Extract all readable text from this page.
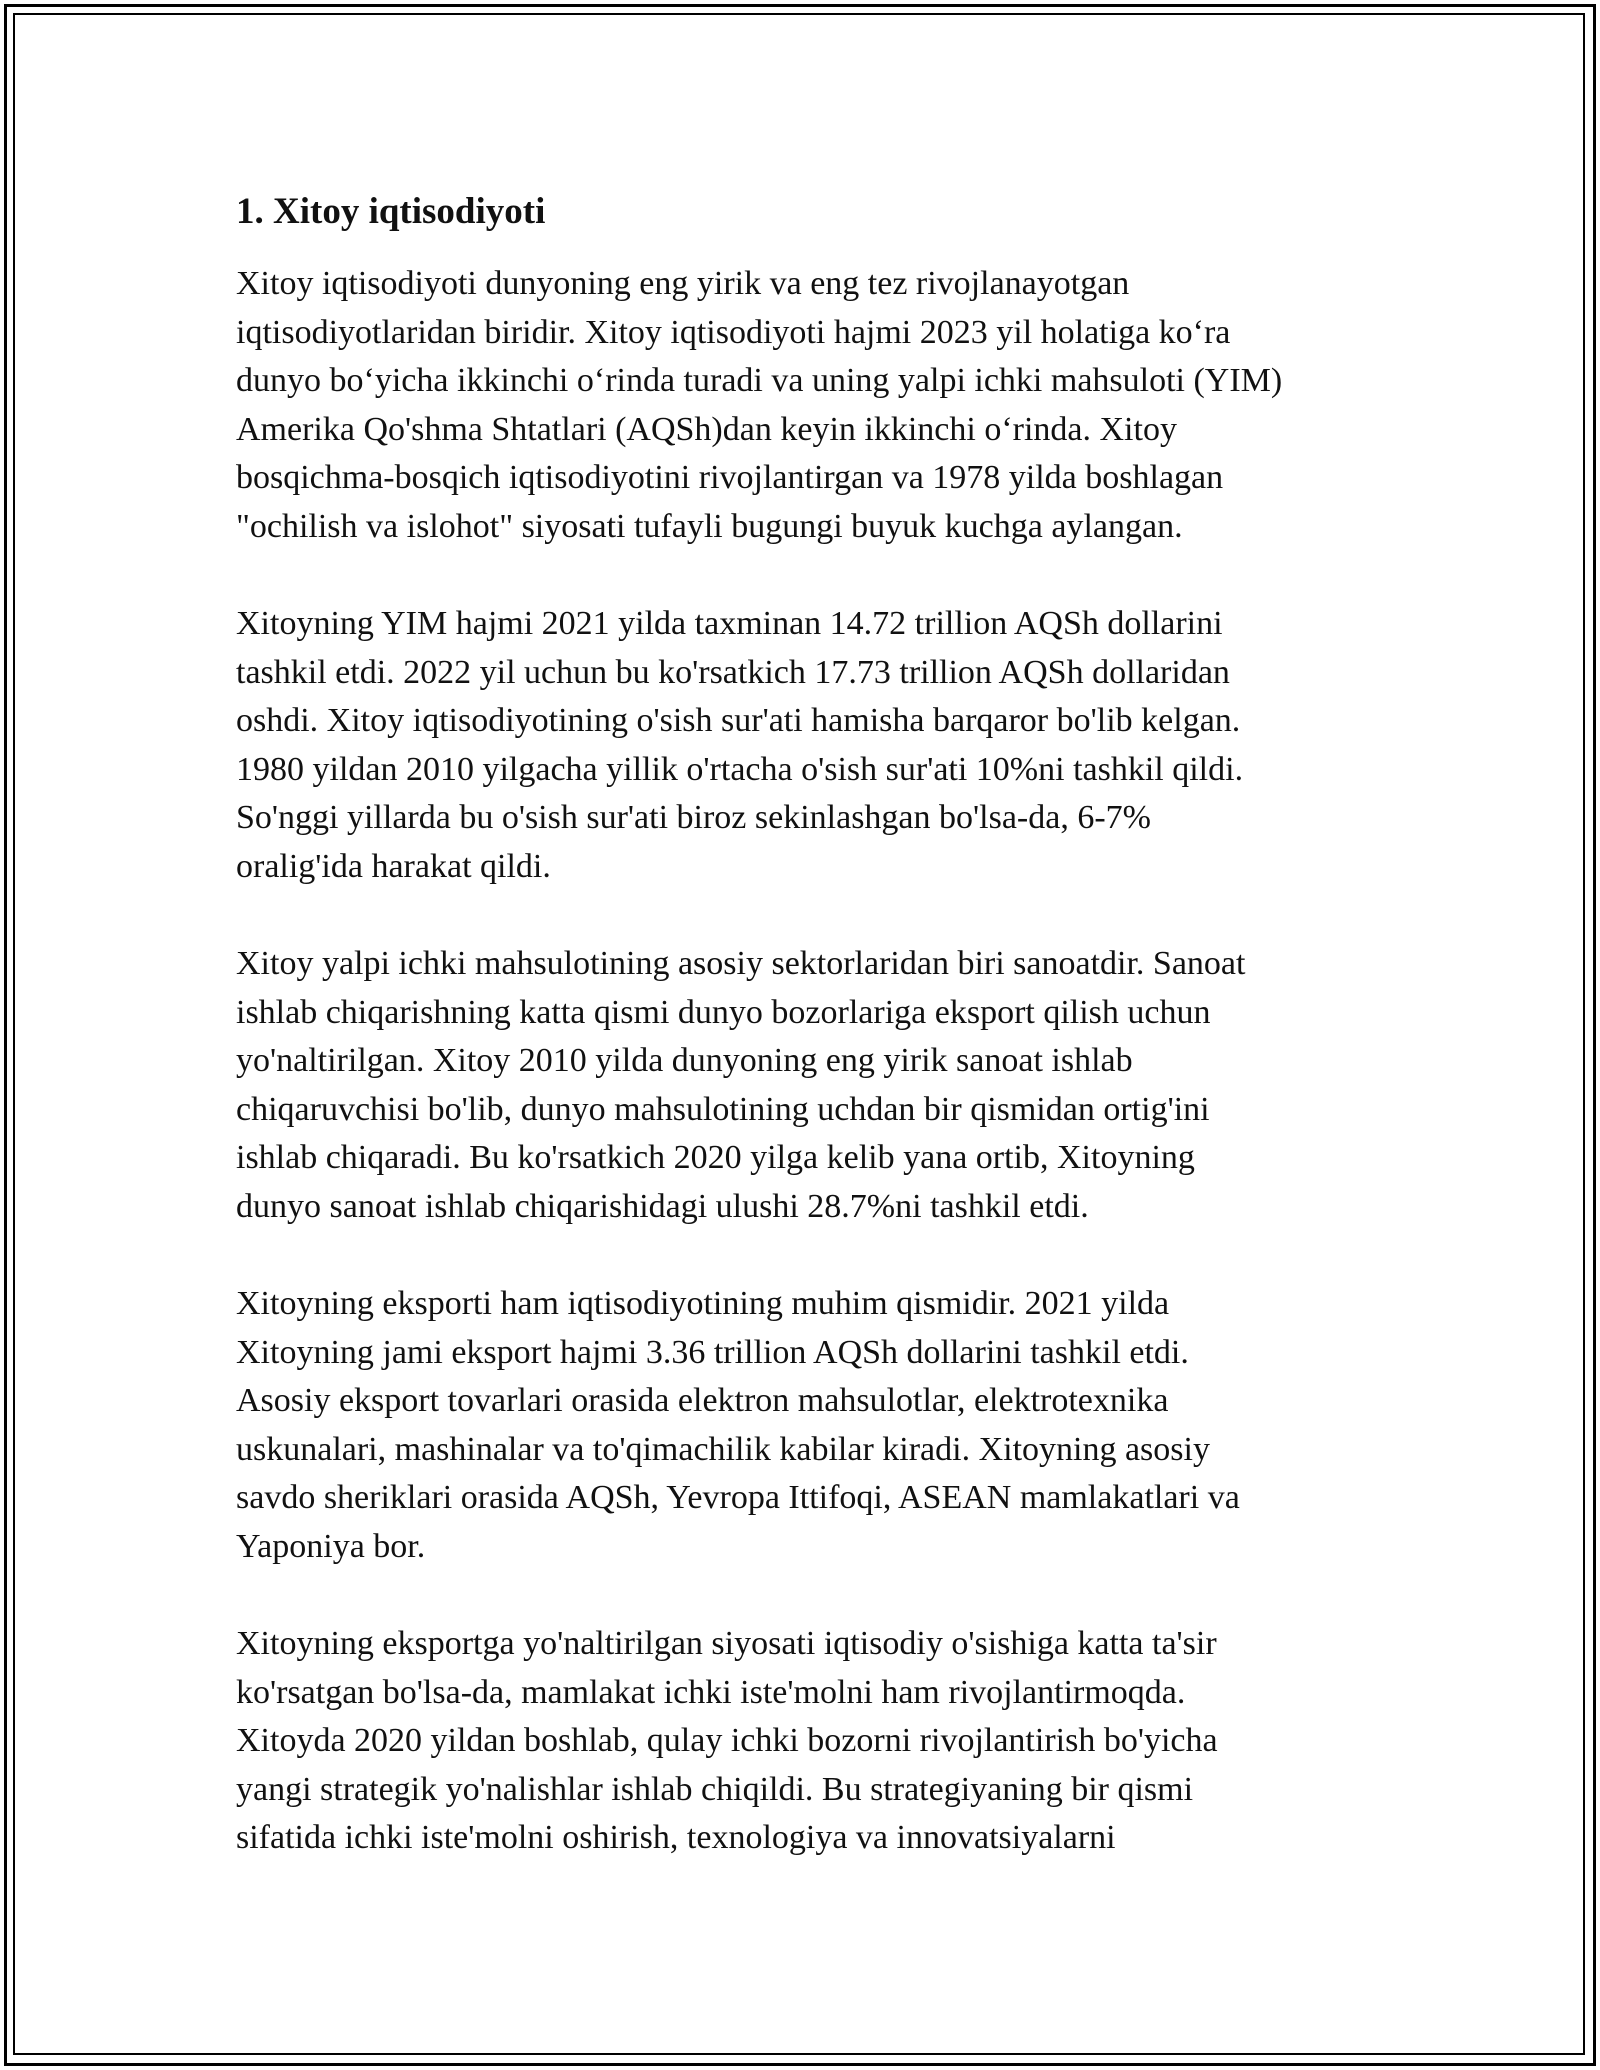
1. Xitoy iqtisodiyoti
Xitoy iqtisodiyoti dunyoning eng yirik va eng tez rivojlanayotgan
iqtisodiyotlaridan biridir. Xitoy iqtisodiyoti hajmi 2023 yil holatiga ko‘ra
dunyo bo‘yicha ikkinchi o‘rinda turadi va uning yalpi ichki mahsuloti (YIM)
Amerika Qo'shma Shtatlari (AQSh)dan keyin ikkinchi o‘rinda. Xitoy
bosqichma-bosqich iqtisodiyotini rivojlantirgan va 1978 yilda boshlagan
"ochilish va islohot" siyosati tufayli bugungi buyuk kuchga aylangan.
Xitoyning YIM hajmi 2021 yilda taxminan 14.72 trillion AQSh dollarini
tashkil etdi. 2022 yil uchun bu ko'rsatkich 17.73 trillion AQSh dollaridan
oshdi. Xitoy iqtisodiyotining o'sish sur'ati hamisha barqaror bo'lib kelgan.
1980 yildan 2010 yilgacha yillik o'rtacha o'sish sur'ati 10%ni tashkil qildi.
So'nggi yillarda bu o'sish sur'ati biroz sekinlashgan bo'lsa-da, 6-7%
oralig'ida harakat qildi.
Xitoy yalpi ichki mahsulotining asosiy sektorlaridan biri sanoatdir. Sanoat
ishlab chiqarishning katta qismi dunyo bozorlariga eksport qilish uchun
yo'naltirilgan. Xitoy 2010 yilda dunyoning eng yirik sanoat ishlab
chiqaruvchisi bo'lib, dunyo mahsulotining uchdan bir qismidan ortig'ini
ishlab chiqaradi. Bu ko'rsatkich 2020 yilga kelib yana ortib, Xitoyning
dunyo sanoat ishlab chiqarishidagi ulushi 28.7%ni tashkil etdi.
Xitoyning eksporti ham iqtisodiyotining muhim qismidir. 2021 yilda
Xitoyning jami eksport hajmi 3.36 trillion AQSh dollarini tashkil etdi.
Asosiy eksport tovarlari orasida elektron mahsulotlar, elektrotexnika
uskunalari, mashinalar va to'qimachilik kabilar kiradi. Xitoyning asosiy
savdo sheriklari orasida AQSh, Yevropa Ittifoqi, ASEAN mamlakatlari va
Yaponiya bor.
Xitoyning eksportga yo'naltirilgan siyosati iqtisodiy o'sishiga katta ta'sir
ko'rsatgan bo'lsa-da, mamlakat ichki iste'molni ham rivojlantirmoqda.
Xitoyda 2020 yildan boshlab, qulay ichki bozorni rivojlantirish bo'yicha
yangi strategik yo'nalishlar ishlab chiqildi. Bu strategiyaning bir qismi
sifatida ichki iste'molni oshirish, texnologiya va innovatsiyalarni
